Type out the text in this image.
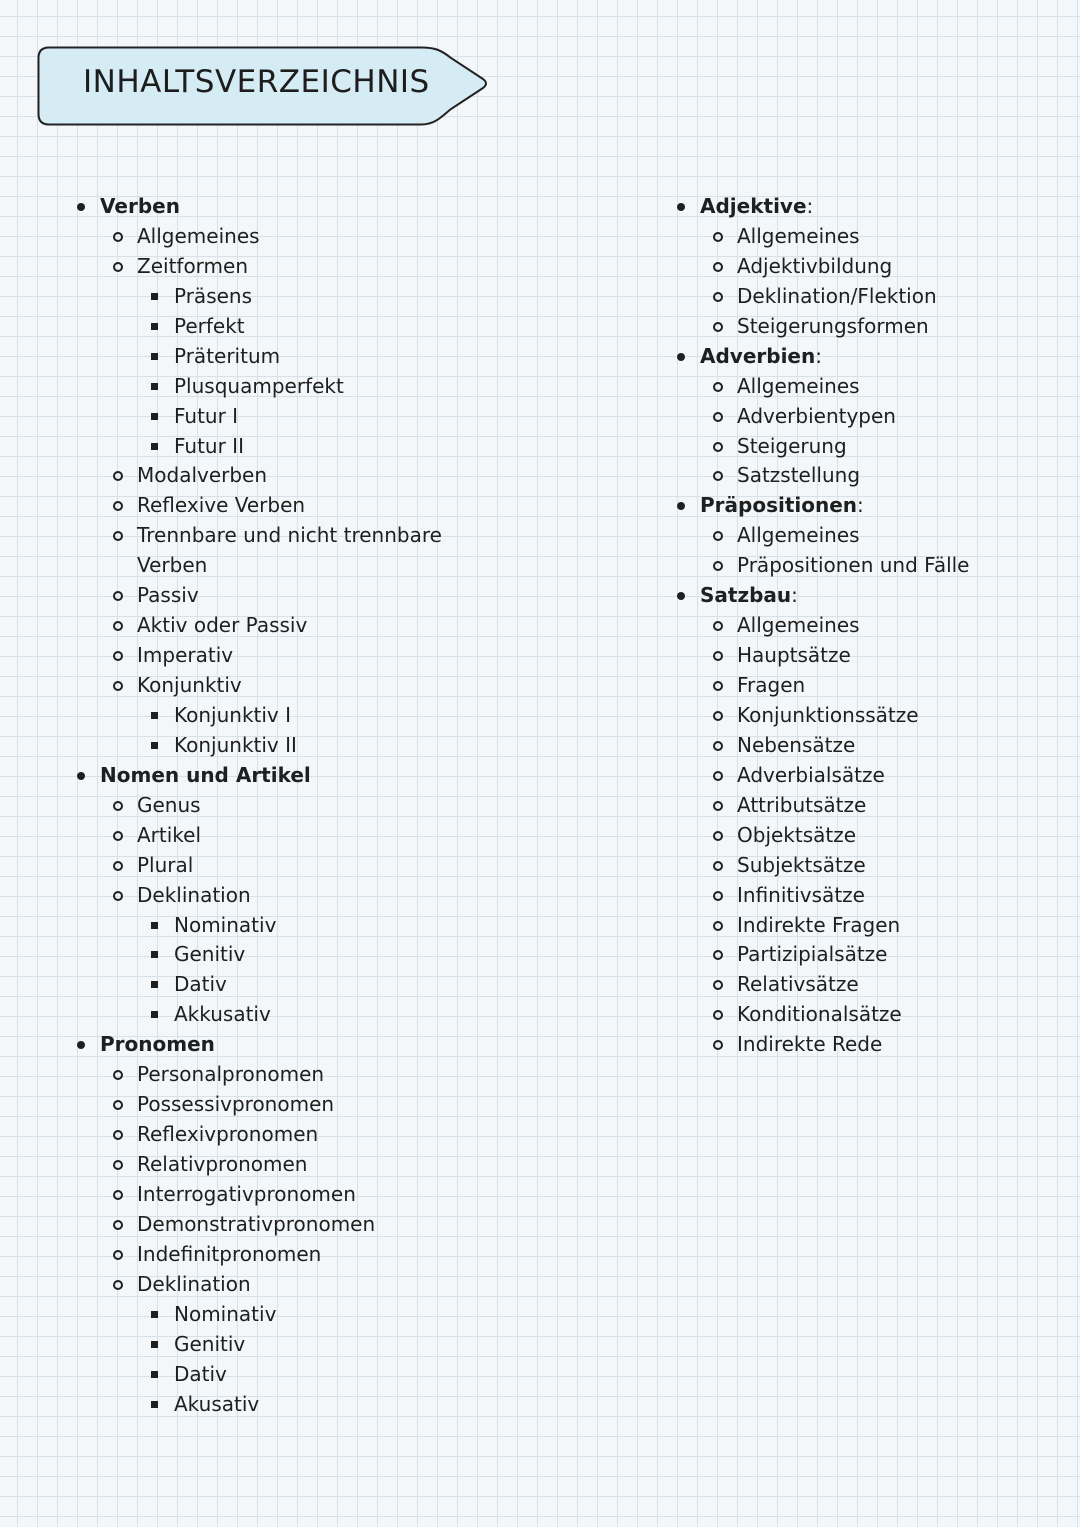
INHALTSVERZEICHNIS
Verben
Allgemeines
Zeitformen
Präsens
Perfekt
Präteritum
Plusquamperfekt
Futur I
Futur II
Modalverben
Reflexive Verben
Trennbare und nicht trennbare Verben
Passiv
Aktiv oder Passiv
Imperativ
Konjunktiv
Konjunktiv I
Konjunktiv II
Nomen und Artikel
Genus
Artikel
Plural
Deklination
Nominativ
Genitiv
Dativ
Akkusativ
Pronomen
Personalpronomen
Possessivpronomen
Reflexivpronomen
Relativpronomen
Interrogativpronomen
Demonstrativpronomen
Indefinitpronomen
Deklination
Nominativ
Genitiv
Dativ
Akusativ
Adjektive:
Allgemeines
Adjektivbildung
Deklination/Flektion
Steigerungsformen
Adverbien:
Allgemeines
Adverbientypen
Steigerung
Satzstellung
Präpositionen:
Allgemeines
Präpositionen und Fälle
Satzbau:
Allgemeines
Hauptsätze
Fragen
Konjunktionssätze
Nebensätze
Adverbialsätze
Attributsätze
Objektsätze
Subjektsätze
Infinitivsätze
Indirekte Fragen
Partizipialsätze
Relativsätze
Konditionalsätze
Indirekte Rede
